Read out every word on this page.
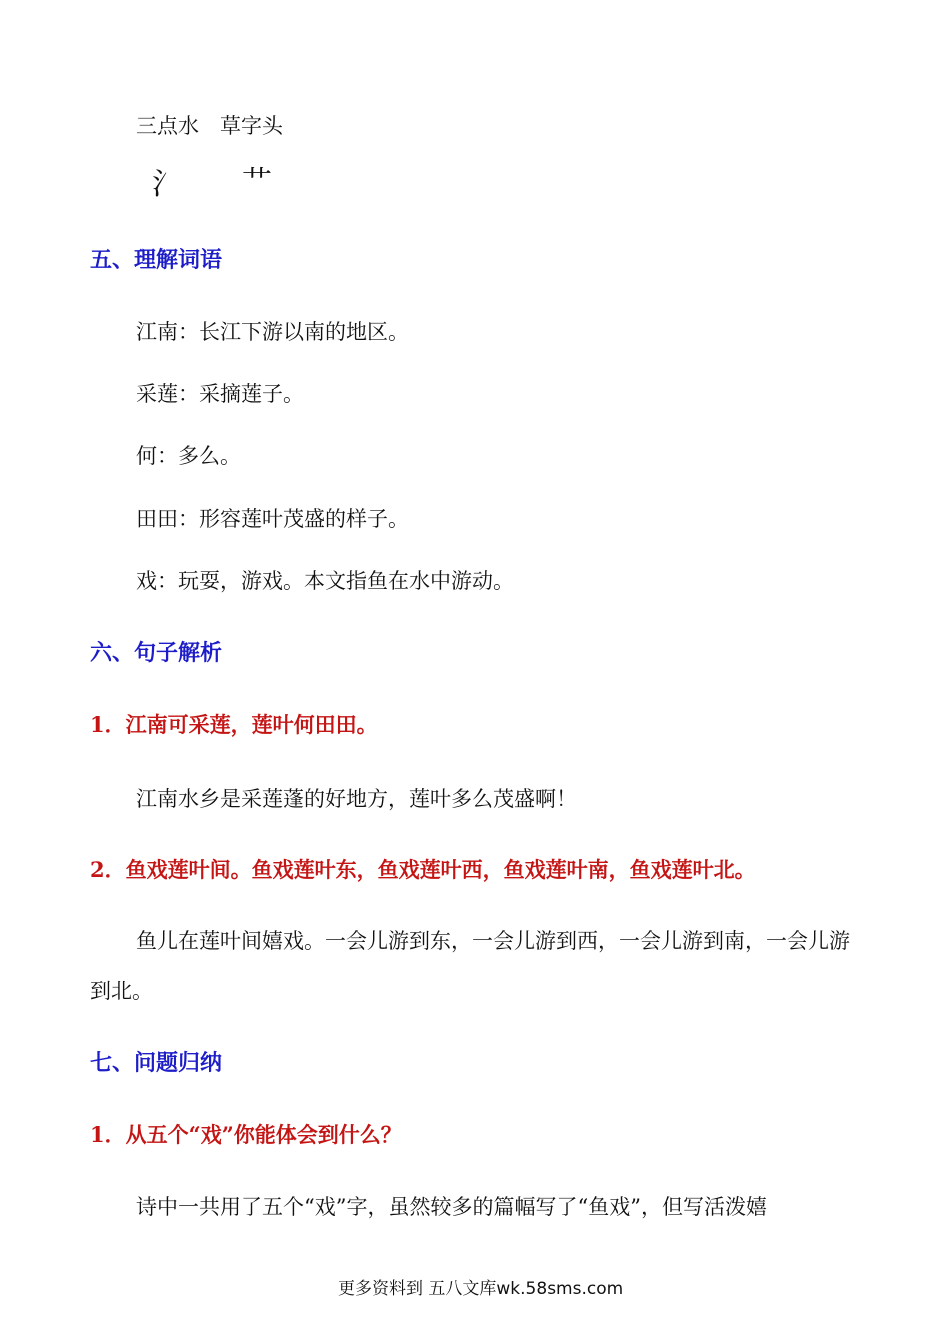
三点水　草字头
氵 艹
五、理解词语
江南：长江下游以南的地区。
采莲：采摘莲子。
何：多么。
田田：形容莲叶茂盛的样子。
戏：玩耍，游戏。本文指鱼在水中游动。
六、句子解析
1．江南可采莲，莲叶何田田。
江南水乡是采莲蓬的好地方，莲叶多么茂盛啊！
2．鱼戏莲叶间。鱼戏莲叶东，鱼戏莲叶西，鱼戏莲叶南，鱼戏莲叶北。
鱼儿在莲叶间嬉戏。一会儿游到东，一会儿游到西，一会儿游到南，一会儿游到北。
七、问题归纳
1．从五个“戏”你能体会到什么？
诗中一共用了五个“戏”字，虽然较多的篇幅写了“鱼戏”，但写活泼嬉
更多资料到 五八文库wk.58sms.com
